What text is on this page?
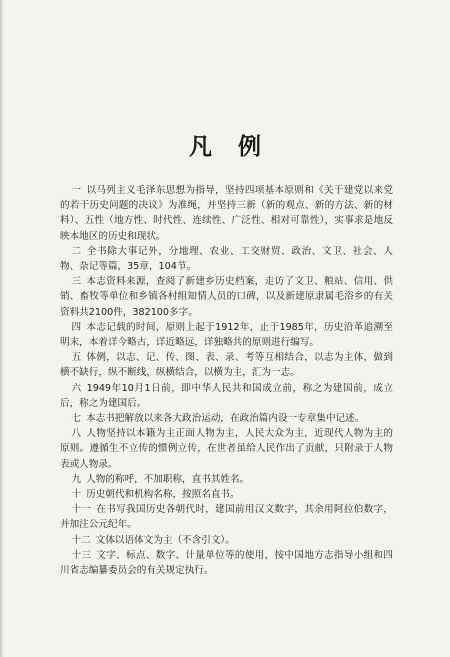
凡例

一 以马列主义毛泽东思想为指导，坚持四项基本原则和《关于建党以来党的若干历史问题的决议》为准绳，并坚持三新（新的观点、新的方法、新的材料）、五性（地方性、时代性、连续性、广泛性、相对可靠性），实事求是地反映本地区的历史和现状。

二 全书除大事记外，分地理、农业、工交财贸、政治、文卫、社会、人物、杂记等篇，35章，104节。

三 本志资料来源，查阅了新建乡历史档案，走访了文卫、粮站、信用、供销、畜牧等单位和乡镇各村组知情人员的口碑，以及新建原隶属毛浴乡的有关资料共2100件，382100多字。

四 本志记载的时间，原则上起于1912年，止于1985年，历史沿革追溯至明末，本着详今略古，详近略远，详独略共的原则进行编写。

五 体例，以志、记、传、图、表、录、考等互相结合，以志为主体，做到横不缺行，纵不断线，纵横结合，以横为主，汇为一志。

六 1949年10月1日前，即中华人民共和国成立前，称之为建国前，成立后，称之为建国后。

七 本志书把解放以来各大政治运动，在政治篇内设一专章集中记述。

八 人物坚持以本籍为主正面人物为主，人民大众为主，近现代人物为主的原则。遵循生不立传的惯例立传，在世者虽给人民作出了贡献，只附录于人物表或人物录。

九 人物的称呼，不加职称，直书其姓名。

十 历史朝代和机构名称，按照名直书。

十一 在书写我国历史各朝代时，建国前用汉文数字，其余用阿拉伯数字，并加注公元纪年。

十二 文体以语体文为主（不含引文）。

十三 文字、标点、数字、计量单位等的使用，按中国地方志指导小组和四川省志编纂委员会的有关规定执行。
